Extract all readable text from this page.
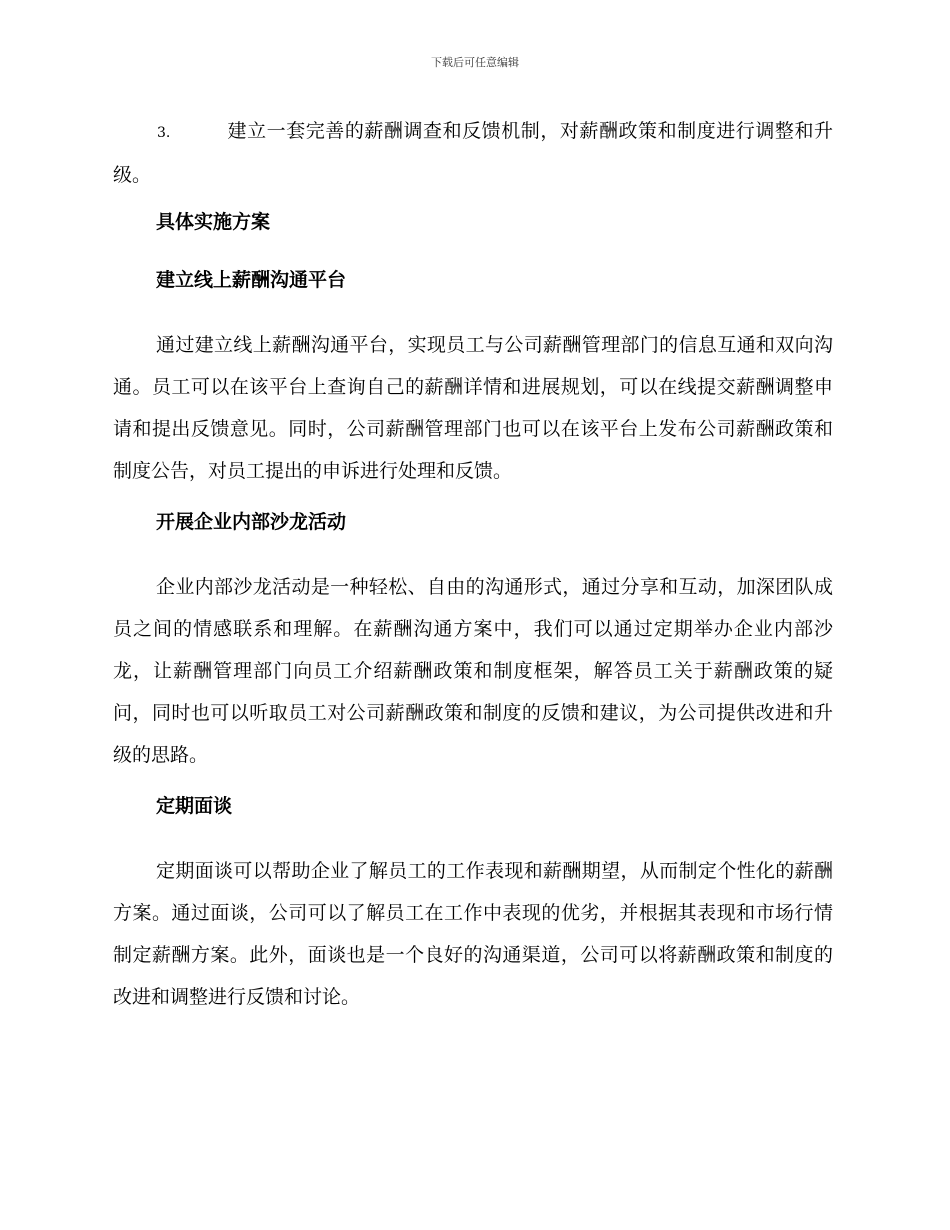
下载后可任意编辑

3.	建立一套完善的薪酬调查和反馈机制，对薪酬政策和制度进行调整和升级。

具体实施方案
建立线上薪酬沟通平台

通过建立线上薪酬沟通平台，实现员工与公司薪酬管理部门的信息互通和双向沟通。员工可以在该平台上查询自己的薪酬详情和进展规划，可以在线提交薪酬调整申请和提出反馈意见。同时，公司薪酬管理部门也可以在该平台上发布公司薪酬政策和制度公告，对员工提出的申诉进行处理和反馈。

开展企业内部沙龙活动

企业内部沙龙活动是一种轻松、自由的沟通形式，通过分享和互动，加深团队成员之间的情感联系和理解。在薪酬沟通方案中，我们可以通过定期举办企业内部沙龙，让薪酬管理部门向员工介绍薪酬政策和制度框架，解答员工关于薪酬政策的疑问，同时也可以听取员工对公司薪酬政策和制度的反馈和建议，为公司提供改进和升级的思路。

定期面谈

定期面谈可以帮助企业了解员工的工作表现和薪酬期望，从而制定个性化的薪酬方案。通过面谈，公司可以了解员工在工作中表现的优劣，并根据其表现和市场行情制定薪酬方案。此外，面谈也是一个良好的沟通渠道，公司可以将薪酬政策和制度的改进和调整进行反馈和讨论。
